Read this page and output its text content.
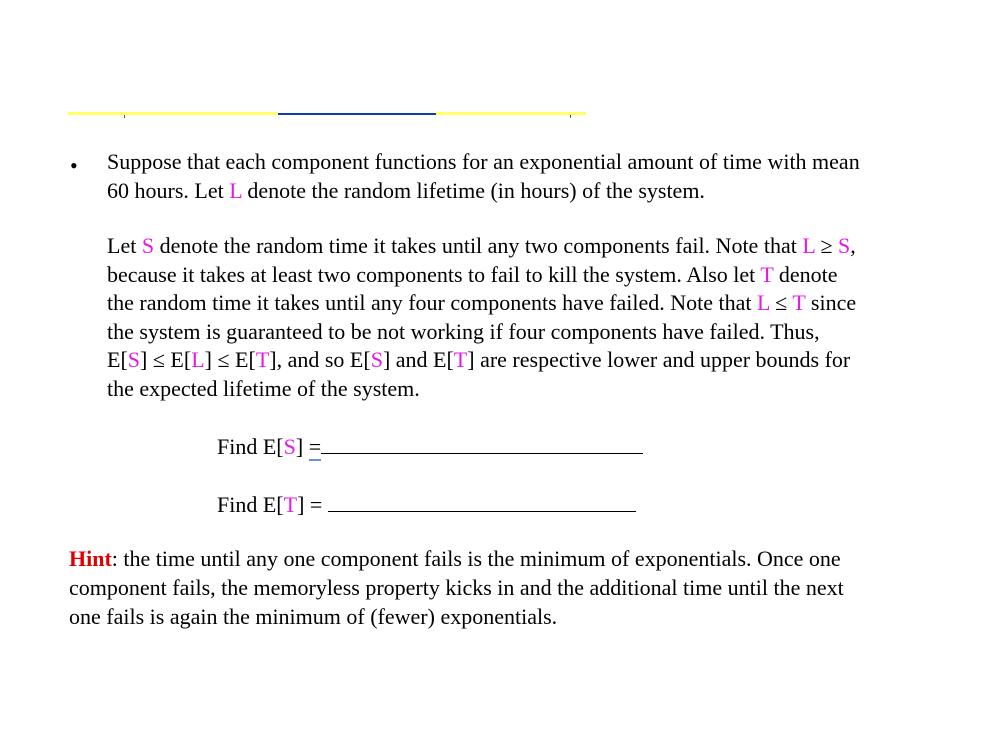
• Suppose that each component functions for an exponential amount of time with mean
60 hours. Let L denote the random lifetime (in hours) of the system.
Let S denote the random time it takes until any two components fail. Note that L ≥ S,
because it takes at least two components to fail to kill the system. Also let T denote
the random time it takes until any four components have failed. Note that L ≤ T since
the system is guaranteed to be not working if four components have failed. Thus,
E[S] ≤ E[L] ≤ E[T], and so E[S] and E[T] are respective lower and upper bounds for
the expected lifetime of the system.
Find E[S] =
Find E[T] =
Hint: the time until any one component fails is the minimum of exponentials. Once one
component fails, the memoryless property kicks in and the additional time until the next
one fails is again the minimum of (fewer) exponentials.
